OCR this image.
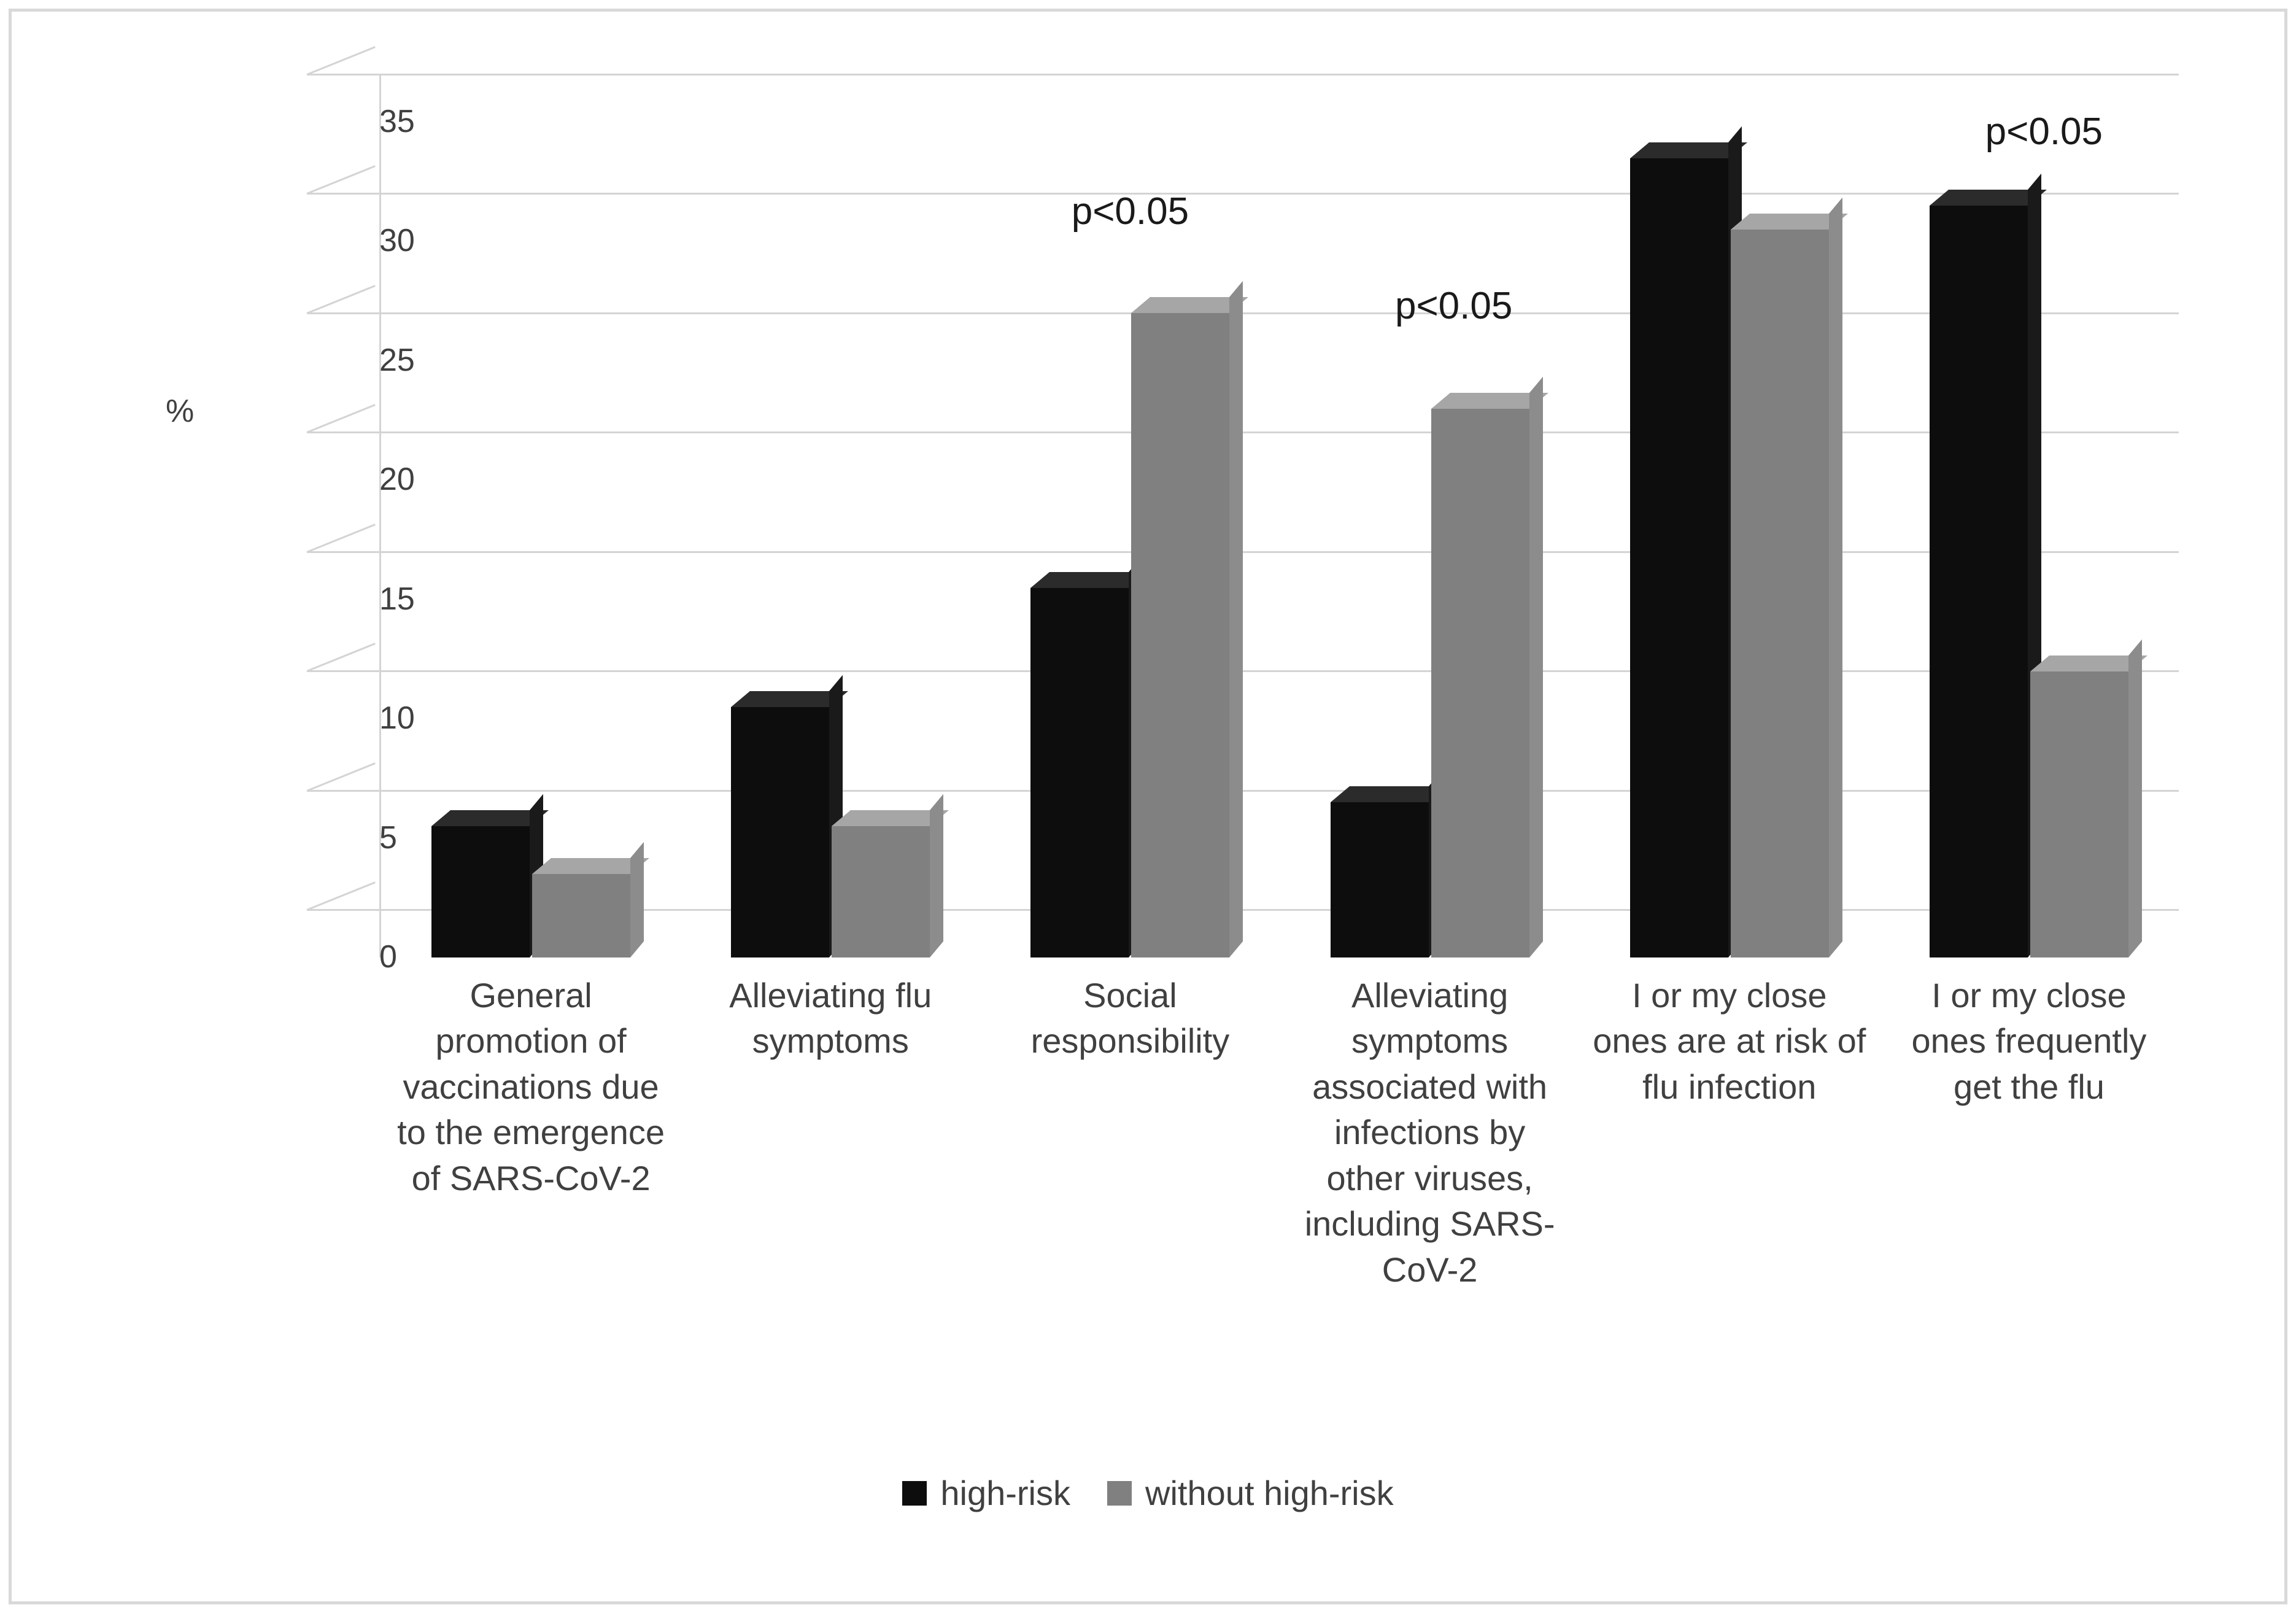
35
30
25
20
15
10
5
0
p<0.05
p<0.05
p<0.05
%
General promotion of vaccinations due to the emergence of SARS-CoV-2
Alleviating flu symptoms
Social responsibility
Alleviating symptoms associated with infections by other viruses, including SARS-CoV-2
I or my close ones are at risk of flu infection
I or my close ones frequently get the flu
high-risk without high-risk
